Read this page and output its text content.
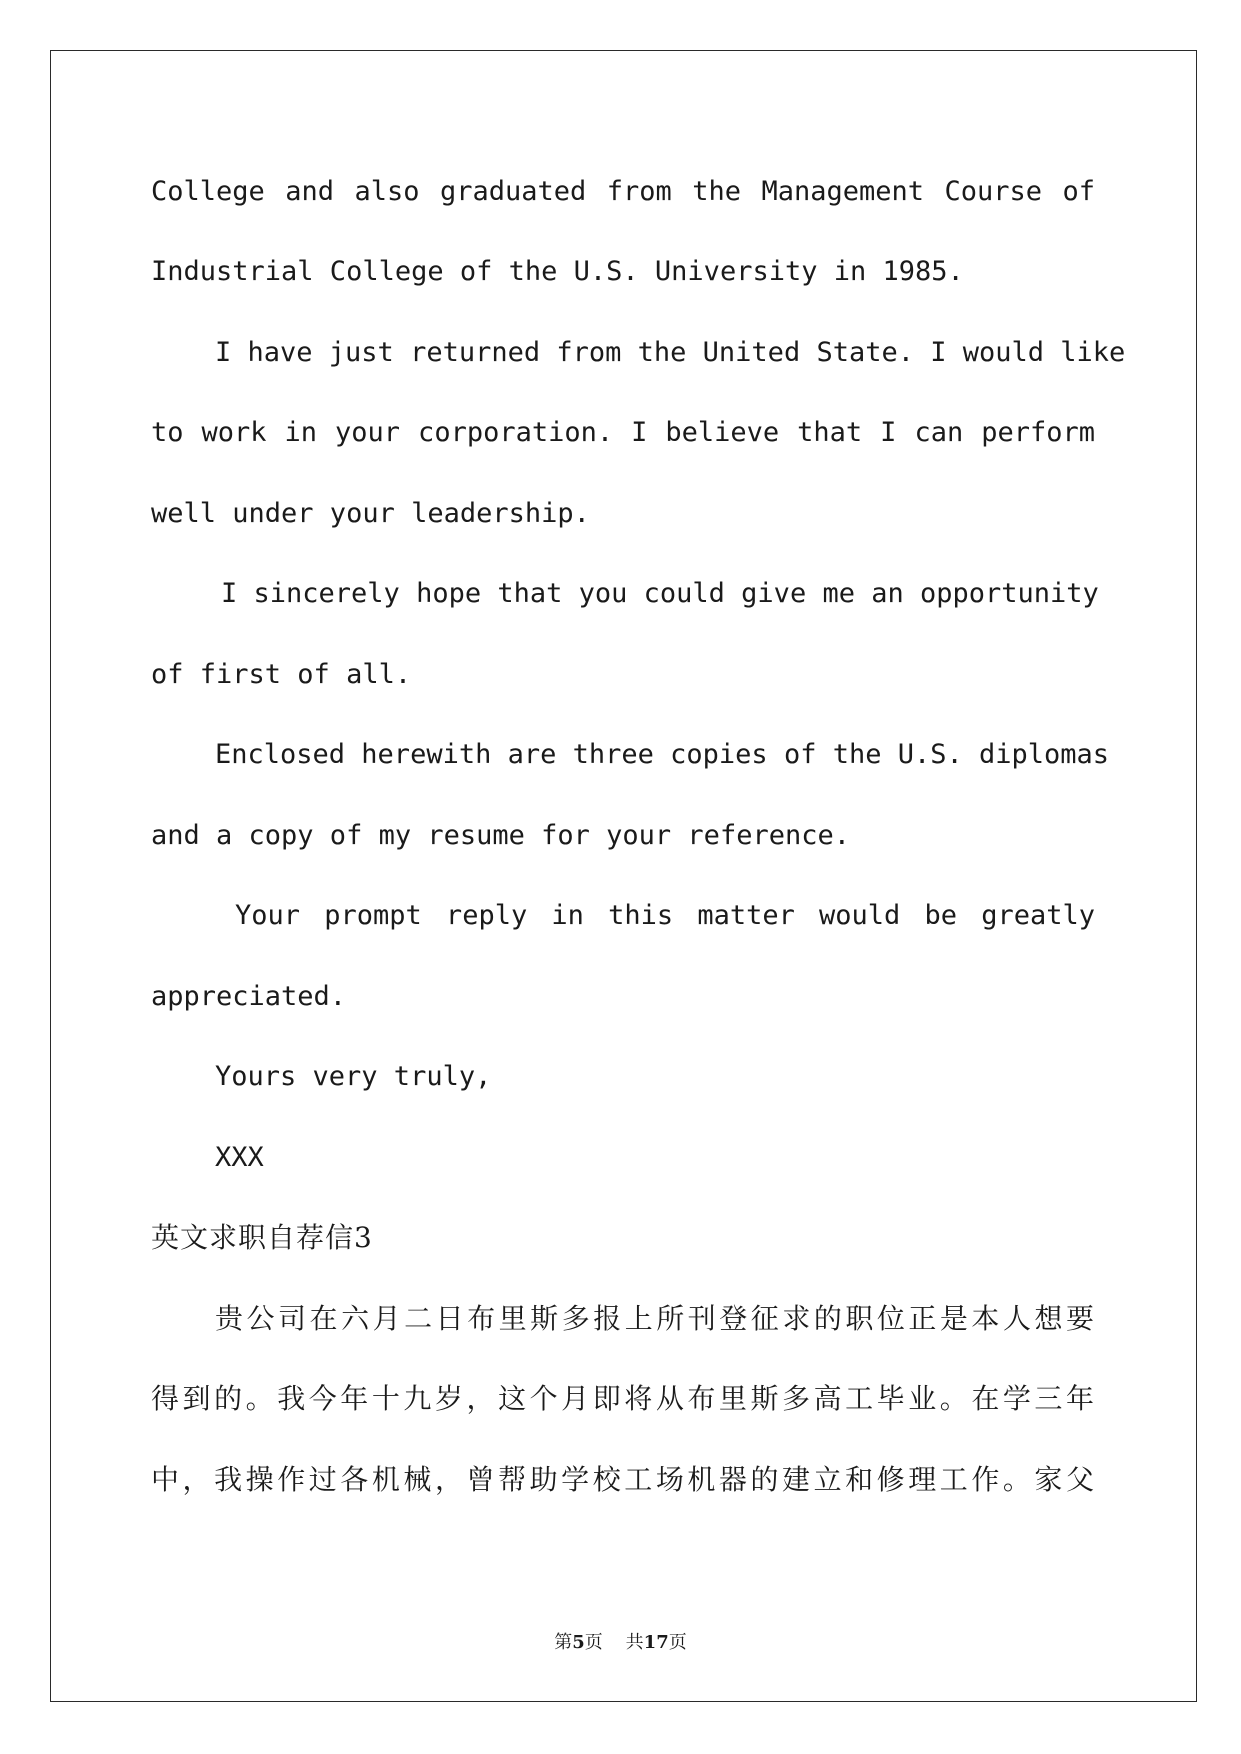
College and also graduated from the Management Course of
Industrial College of the U.S. University in 1985.
I have just returned from the United State. I would like
to work in your corporation. I believe that I can perform
well under your leadership.
I sincerely hope that you could give me an opportunity
of first of all.
Enclosed herewith are three copies of the U.S. diplomas
and a copy of my resume for your reference.
Your prompt reply in this matter would be greatly
appreciated.
Yours very truly,
XXX
英文求职自荐信3
贵公司在六月二日布里斯多报上所刊登征求的职位正是本人想要
得到的。我今年十九岁，这个月即将从布里斯多高工毕业。在学三年
中，我操作过各机械，曾帮助学校工场机器的建立和修理工作。家父
第5页 共17页
